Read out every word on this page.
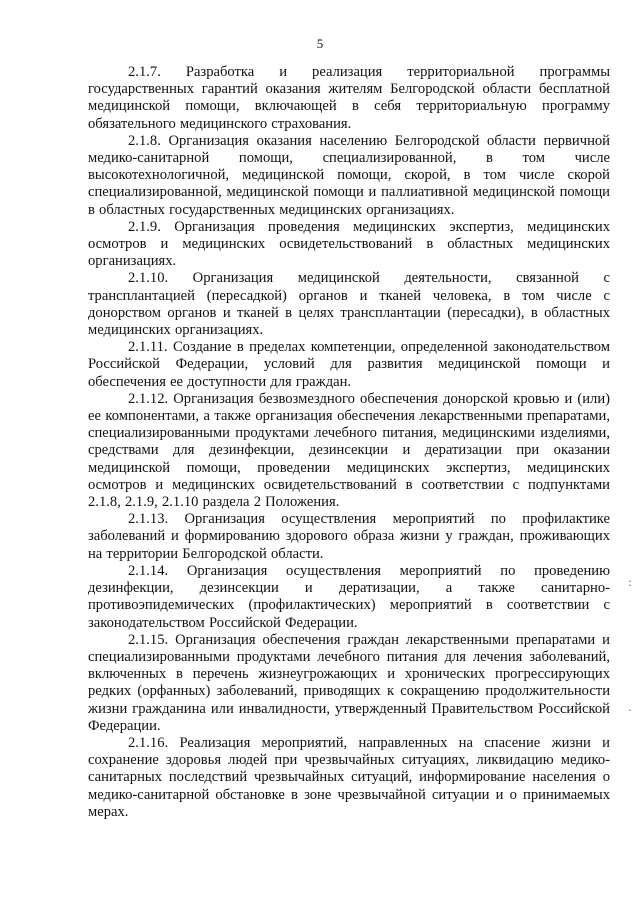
5

2.1.7. Разработка и реализация территориальной программы государственных гарантий оказания жителям Белгородской области бесплатной медицинской помощи, включающей в себя территориальную программу обязательного медицинского страхования.

2.1.8. Организация оказания населению Белгородской области первичной медико-санитарной помощи, специализированной, в том числе высокотехнологичной, медицинской помощи, скорой, в том числе скорой специализированной, медицинской помощи и паллиативной медицинской помощи в областных государственных медицинских организациях.

2.1.9. Организация проведения медицинских экспертиз, медицинских осмотров и медицинских освидетельствований в областных медицинских организациях.

2.1.10. Организация медицинской деятельности, связанной с трансплантацией (пересадкой) органов и тканей человека, в том числе с донорством органов и тканей в целях трансплантации (пересадки), в областных медицинских организациях.

2.1.11. Создание в пределах компетенции, определенной законодательством Российской Федерации, условий для развития медицинской помощи и обеспечения ее доступности для граждан.

2.1.12. Организация безвозмездного обеспечения донорской кровью и (или) ее компонентами, а также организация обеспечения лекарственными препаратами, специализированными продуктами лечебного питания, медицинскими изделиями, средствами для дезинфекции, дезинсекции и дератизации при оказании медицинской помощи, проведении медицинских экспертиз, медицинских осмотров и медицинских освидетельствований в соответствии с подпунктами 2.1.8, 2.1.9, 2.1.10 раздела 2 Положения.

2.1.13. Организация осуществления мероприятий по профилактике заболеваний и формированию здорового образа жизни у граждан, проживающих на территории Белгородской области.

2.1.14. Организация осуществления мероприятий по проведению дезинфекции, дезинсекции и дератизации, а также санитарно-противоэпидемических (профилактических) мероприятий в соответствии с законодательством Российской Федерации.

2.1.15. Организация обеспечения граждан лекарственными препаратами и специализированными продуктами лечебного питания для лечения заболеваний, включенных в перечень жизнеугрожающих и хронических прогрессирующих редких (орфанных) заболеваний, приводящих к сокращению продолжительности жизни гражданина или инвалидности, утвержденный Правительством Российской Федерации.

2.1.16. Реализация мероприятий, направленных на спасение жизни и сохранение здоровья людей при чрезвычайных ситуациях, ликвидацию медико-санитарных последствий чрезвычайных ситуаций, информирование населения о медико-санитарной обстановке в зоне чрезвычайной ситуации и о принимаемых мерах.

:
·
